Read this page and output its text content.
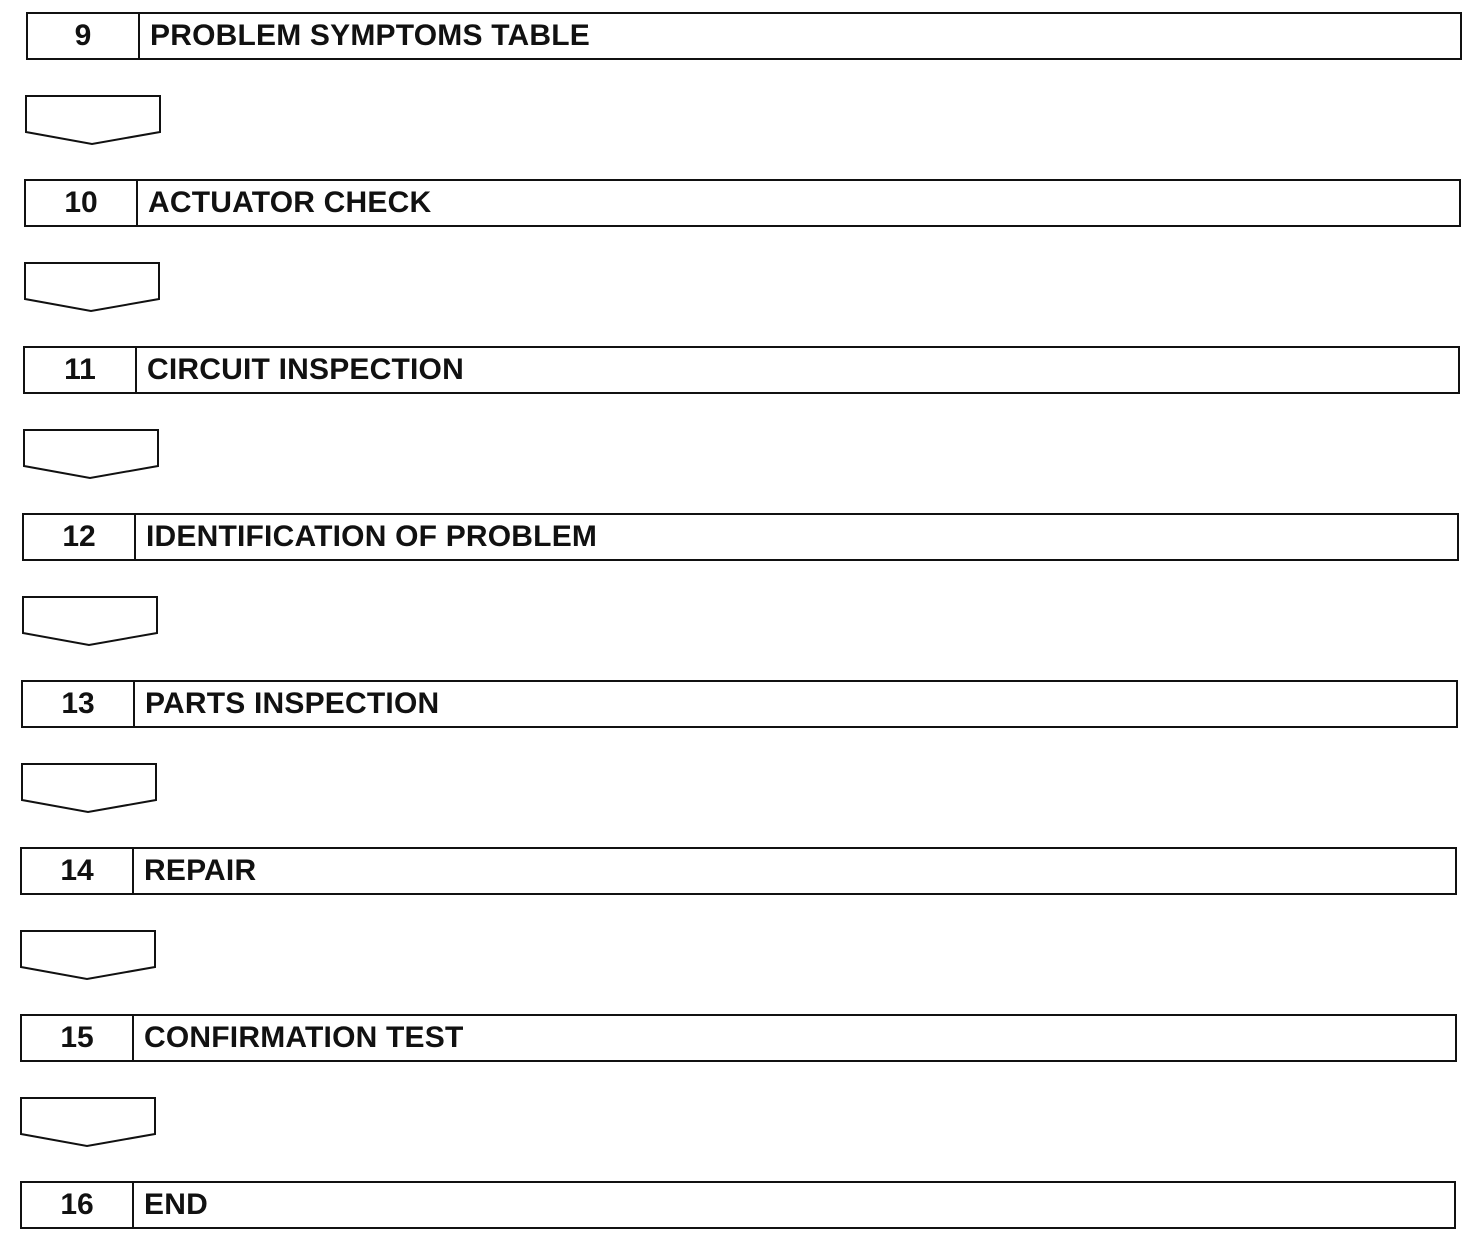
9	PROBLEM SYMPTOMS TABLE
10	ACTUATOR CHECK
11	CIRCUIT INSPECTION
12	IDENTIFICATION OF PROBLEM
13	PARTS INSPECTION
14	REPAIR
15	CONFIRMATION TEST
16	END
